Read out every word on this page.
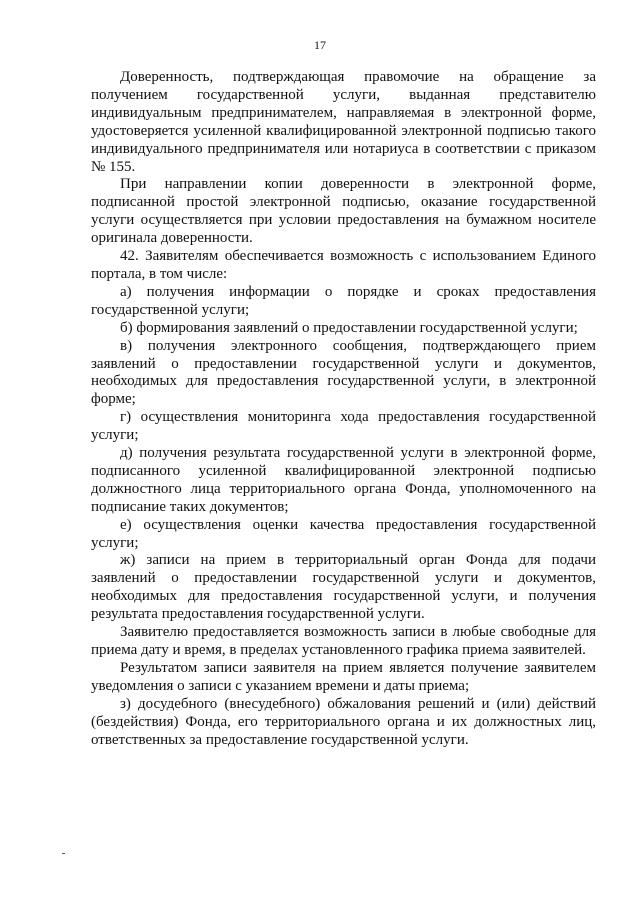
17

Доверенность, подтверждающая правомочие на обращение за получением государственной услуги, выданная представителю индивидуальным предпринимателем, направляемая в электронной форме, удостоверяется усиленной квалифицированной электронной подписью такого индивидуального предпринимателя или нотариуса в соответствии с приказом № 155.

При направлении копии доверенности в электронной форме, подписанной простой электронной подписью, оказание государственной услуги осуществляется при условии предоставления на бумажном носителе оригинала доверенности.

42. Заявителям обеспечивается возможность с использованием Единого портала, в том числе:

а) получения информации о порядке и сроках предоставления государственной услуги;

б) формирования заявлений о предоставлении государственной услуги;

в) получения электронного сообщения, подтверждающего прием заявлений о предоставлении государственной услуги и документов, необходимых для предоставления государственной услуги, в электронной форме;

г) осуществления мониторинга хода предоставления государственной услуги;

д) получения результата государственной услуги в электронной форме, подписанного усиленной квалифицированной электронной подписью должностного лица территориального органа Фонда, уполномоченного на подписание таких документов;

е) осуществления оценки качества предоставления государственной услуги;

ж) записи на прием в территориальный орган Фонда для подачи заявлений о предоставлении государственной услуги и документов, необходимых для предоставления государственной услуги, и получения результата предоставления государственной услуги.

Заявителю предоставляется возможность записи в любые свободные для приема дату и время, в пределах установленного графика приема заявителей.

Результатом записи заявителя на прием является получение заявителем уведомления о записи с указанием времени и даты приема;

з) досудебного (внесудебного) обжалования решений и (или) действий (бездействия) Фонда, его территориального органа и их должностных лиц, ответственных за предоставление государственной услуги.
